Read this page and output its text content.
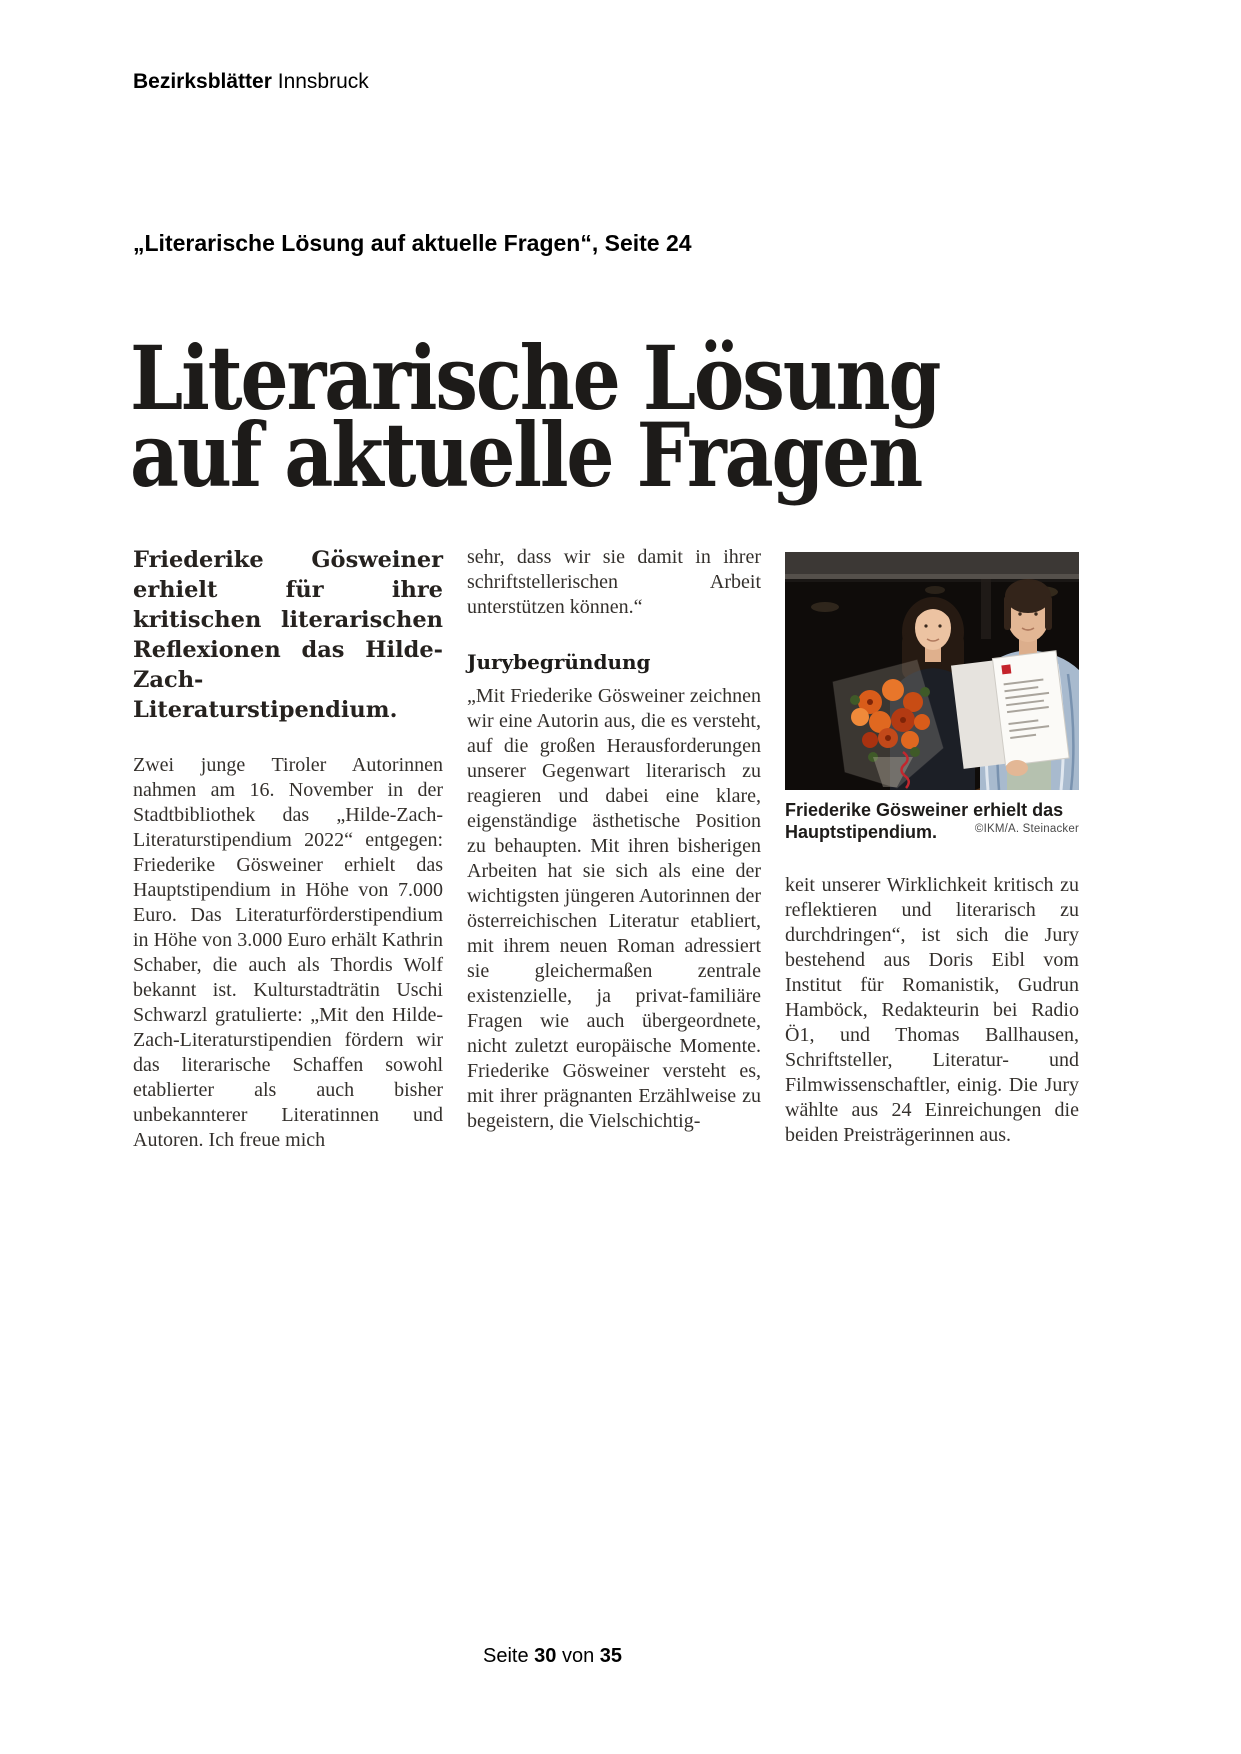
Bezirksblätter Innsbruck
„Literarische Lösung auf aktuelle Fragen“, Seite 24
Literarische Lösung
auf aktuelle Fragen

Friederike Gösweiner erhielt für ihre kritischen literarischen Reflexionen das Hilde-Zach-Literaturstipendium.

Zwei junge Tiroler Autorinnen nahmen am 16. November in der Stadtbibliothek das „Hilde-Zach-Literaturstipendium 2022“ entgegen: Friederike Gösweiner erhielt das Hauptstipendium in Höhe von 7.000 Euro. Das Literaturförderstipendium in Höhe von 3.000 Euro erhält Kathrin Schaber, die auch als Thordis Wolf bekannt ist. Kulturstadträtin Uschi Schwarzl gratulierte: „Mit den Hilde-Zach-Literaturstipendien fördern wir das literarische Schaffen sowohl etablierter als auch bisher unbekannterer Literatinnen und Autoren. Ich freue mich

sehr, dass wir sie damit in ihrer schriftstellerischen Arbeit unterstützen können.“

Jurybegründung

„Mit Friederike Gösweiner zeichnen wir eine Autorin aus, die es versteht, auf die großen Herausforderungen unserer Gegenwart literarisch zu reagieren und dabei eine klare, eigenständige ästhetische Position zu behaupten. Mit ihren bisherigen Arbeiten hat sie sich als eine der wichtigsten jüngeren Autorinnen der österreichischen Literatur etabliert, mit ihrem neuen Roman adressiert sie gleichermaßen zentrale existenzielle, ja privat-familiäre Fragen wie auch übergeordnete, nicht zuletzt europäische Momente. Friederike Gösweiner versteht es, mit ihrer prägnanten Erzählweise zu begeistern, die Vielschichtig-

Friederike Gösweiner erhielt das Hauptstipendium.	©IKM/A. Steinacker

keit unserer Wirklichkeit kritisch zu reflektieren und literarisch zu durchdringen“, ist sich die Jury bestehend aus Doris Eibl vom Institut für Romanistik, Gudrun Hamböck, Redakteurin bei Radio Ö1, und Thomas Ballhausen, Schriftsteller, Literatur- und Filmwissenschaftler, einig. Die Jury wählte aus 24 Einreichungen die beiden Preisträgerinnen aus.

Seite 30 von 35
